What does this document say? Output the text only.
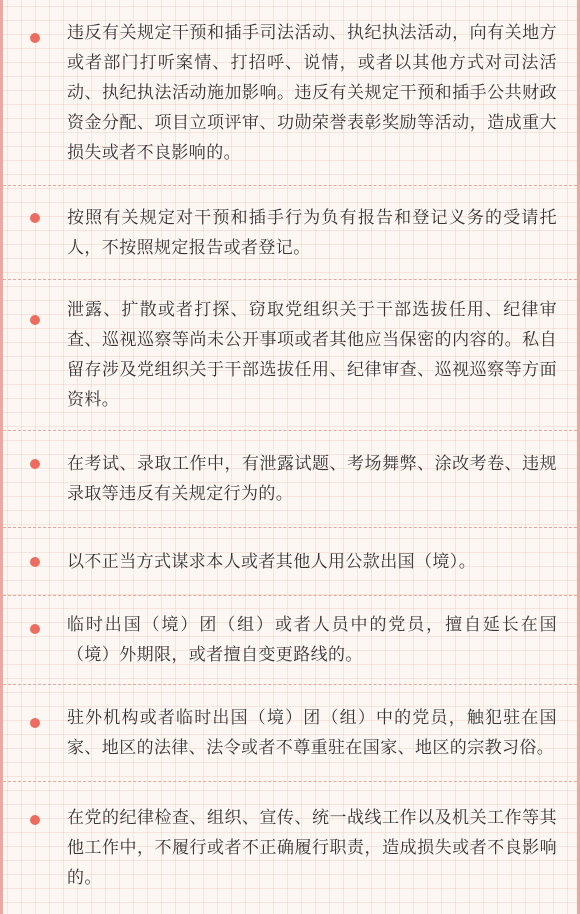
违反有关规定干预和插手司法活动、执纪执法活动，向有关地方或者部门打听案情、打招呼、说情，或者以其他方式对司法活动、执纪执法活动施加影响。违反有关规定干预和插手公共财政资金分配、项目立项评审、功勋荣誉表彰奖励等活动，造成重大损失或者不良影响的。
按照有关规定对干预和插手行为负有报告和登记义务的受请托人，不按照规定报告或者登记。
泄露、扩散或者打探、窃取党组织关于干部选拔任用、纪律审查、巡视巡察等尚未公开事项或者其他应当保密的内容的。私自留存涉及党组织关于干部选拔任用、纪律审查、巡视巡察等方面资料。
在考试、录取工作中，有泄露试题、考场舞弊、涂改考卷、违规录取等违反有关规定行为的。
以不正当方式谋求本人或者其他人用公款出国（境）。
临时出国（境）团（组）或者人员中的党员，擅自延长在国（境）外期限，或者擅自变更路线的。
驻外机构或者临时出国（境）团（组）中的党员，触犯驻在国家、地区的法律、法令或者不尊重驻在国家、地区的宗教习俗。
在党的纪律检查、组织、宣传、统一战线工作以及机关工作等其他工作中，不履行或者不正确履行职责，造成损失或者不良影响的。
